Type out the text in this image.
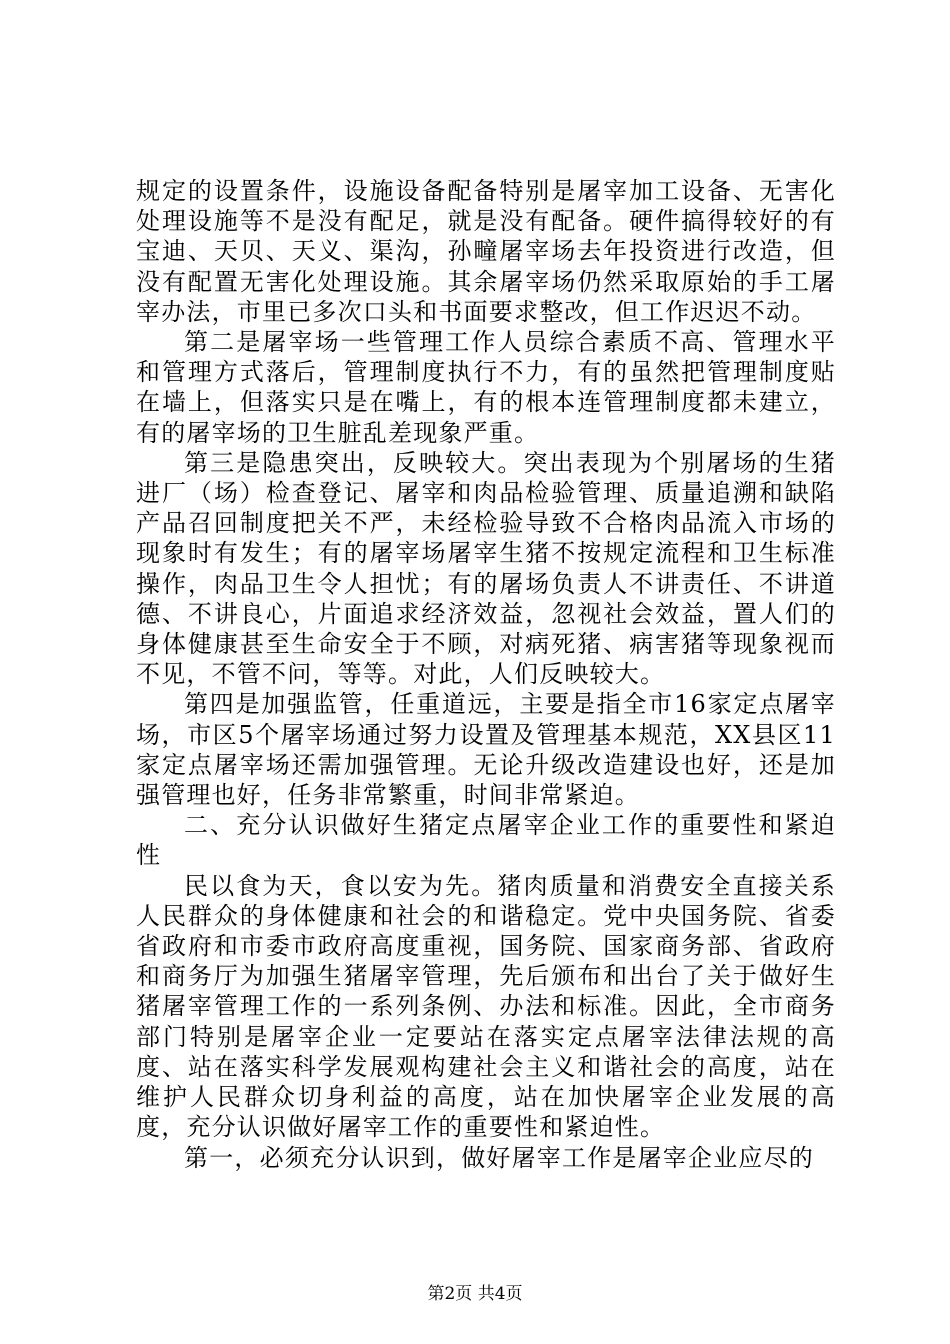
规定的设置条件，设施设备配备特别是屠宰加工设备、无害化处理设施等不是没有配足，就是没有配备。硬件搞得较好的有宝迪、天贝、天义、渠沟，孙疃屠宰场去年投资进行改造，但没有配置无害化处理设施。其余屠宰场仍然采取原始的手工屠宰办法，市里已多次口头和书面要求整改，但工作迟迟不动。

第二是屠宰场一些管理工作人员综合素质不高、管理水平和管理方式落后，管理制度执行不力，有的虽然把管理制度贴在墙上，但落实只是在嘴上，有的根本连管理制度都未建立，有的屠宰场的卫生脏乱差现象严重。

第三是隐患突出，反映较大。突出表现为个别屠场的生猪进厂（场）检查登记、屠宰和肉品检验管理、质量追溯和缺陷产品召回制度把关不严，未经检验导致不合格肉品流入市场的现象时有发生；有的屠宰场屠宰生猪不按规定流程和卫生标准操作，肉品卫生令人担忧；有的屠场负责人不讲责任、不讲道德、不讲良心，片面追求经济效益，忽视社会效益，置人们的身体健康甚至生命安全于不顾，对病死猪、病害猪等现象视而不见，不管不问，等等。对此，人们反映较大。

第四是加强监管，任重道远，主要是指全市16家定点屠宰场，市区5个屠宰场通过努力设置及管理基本规范，XX县区11家定点屠宰场还需加强管理。无论升级改造建设也好，还是加强管理也好，任务非常繁重，时间非常紧迫。

二、充分认识做好生猪定点屠宰企业工作的重要性和紧迫性

民以食为天，食以安为先。猪肉质量和消费安全直接关系人民群众的身体健康和社会的和谐稳定。党中央国务院、省委省政府和市委市政府高度重视，国务院、国家商务部、省政府和商务厅为加强生猪屠宰管理，先后颁布和出台了关于做好生猪屠宰管理工作的一系列条例、办法和标准。因此，全市商务部门特别是屠宰企业一定要站在落实定点屠宰法律法规的高度、站在落实科学发展观构建社会主义和谐社会的高度，站在维护人民群众切身利益的高度，站在加快屠宰企业发展的高度，充分认识做好屠宰工作的重要性和紧迫性。

第一，必须充分认识到，做好屠宰工作是屠宰企业应尽的

第2页 共4页
